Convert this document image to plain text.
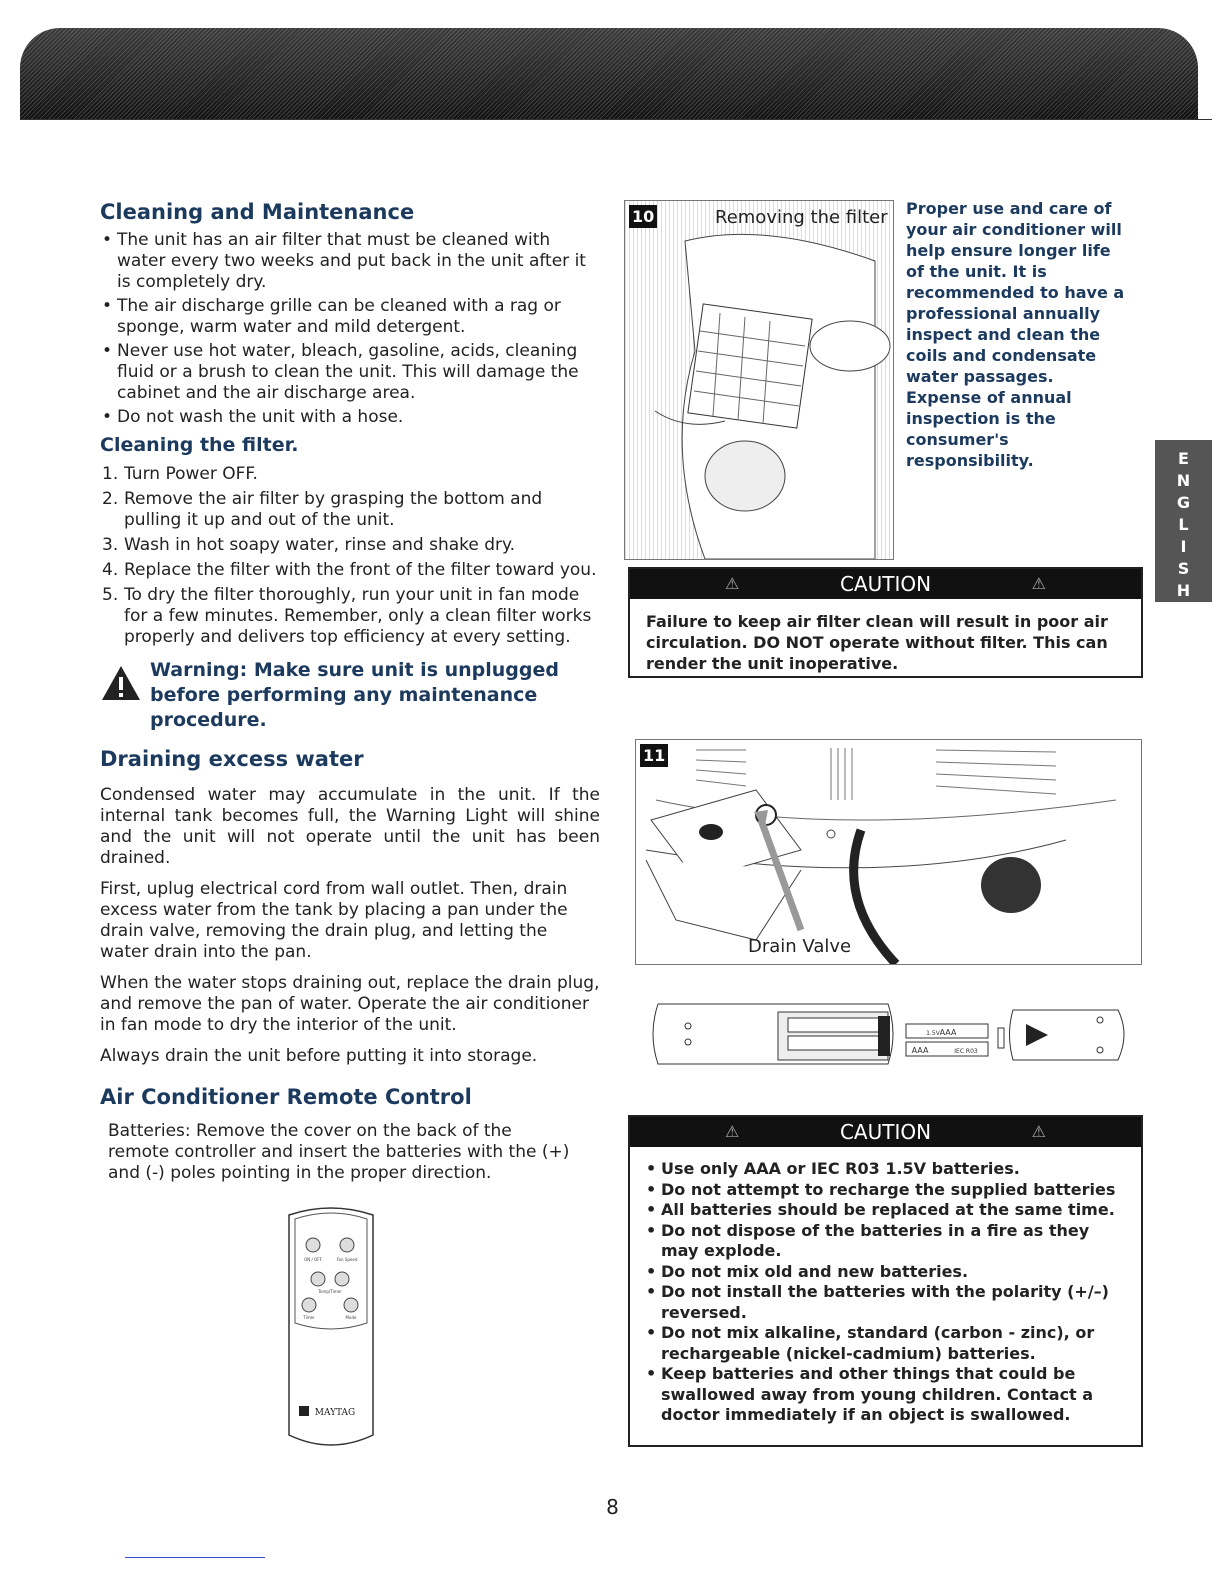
Cleaning and Maintenance
• The unit has an air filter that must be cleaned with water every two weeks and put back in the unit after it is completely dry.
• The air discharge grille can be cleaned with a rag or sponge, warm water and mild detergent.
• Never use hot water, bleach, gasoline, acids, cleaning fluid or a brush to clean the unit. This will damage the cabinet and the air discharge area.
• Do not wash the unit with a hose.
Cleaning the filter.
1. Turn Power OFF.
2. Remove the air filter by grasping the bottom and pulling it up and out of the unit.
3. Wash in hot soapy water, rinse and shake dry.
4. Replace the filter with the front of the filter toward you.
5. To dry the filter thoroughly, run your unit in fan mode for a few minutes. Remember, only a clean filter works properly and delivers top efficiency at every setting.
Warning: Make sure unit is unplugged before performing any maintenance procedure.
Draining excess water

Condensed water may accumulate in the unit. If the internal tank becomes full, the Warning Light will shine and the unit will not operate until the unit has been drained.

First, uplug electrical cord from wall outlet. Then, drain excess water from the tank by placing a pan under the drain valve, removing the drain plug, and letting the water drain into the pan.

When the water stops draining out, replace the drain plug, and remove the pan of water. Operate the air conditioner in fan mode to dry the interior of the unit.

Always drain the unit before putting it into storage.

Air Conditioner Remote Control
Batteries: Remove the cover on the back of the remote controller and insert the batteries with the (+) and (-) poles pointing in the proper direction.
ON / OFF	Fan Speed
Temp/Timer
Timer	Mode
MAYTAG
10	Removing the filter Proper use and care of your air conditioner will help ensure longer life of the unit. It is recommended to have a professional annually inspect and clean the coils and condensate water passages. Expense of annual inspection is the consumer's responsibility.	E
N
G
L
I
S
H
⚠	CAUTION	⚠
Failure to keep air filter clean will result in poor air circulation. DO NOT operate without filter. This can render the unit inoperative.
11
Drain Valve
AAA
AAA	IEC R03
1.5V
⚠	CAUTION	⚠
• Use only AAA or IEC R03 1.5V batteries.
• Do not attempt to recharge the supplied batteries
• All batteries should be replaced at the same time.
• Do not dispose of the batteries in a fire as they may explode.
• Do not mix old and new batteries.
• Do not install the batteries with the polarity (+/–) reversed.
• Do not mix alkaline, standard (carbon - zinc), or rechargeable (nickel-cadmium) batteries.
• Keep batteries and other things that could be swallowed away from young children. Contact a doctor immediately if an object is swallowed.
8
